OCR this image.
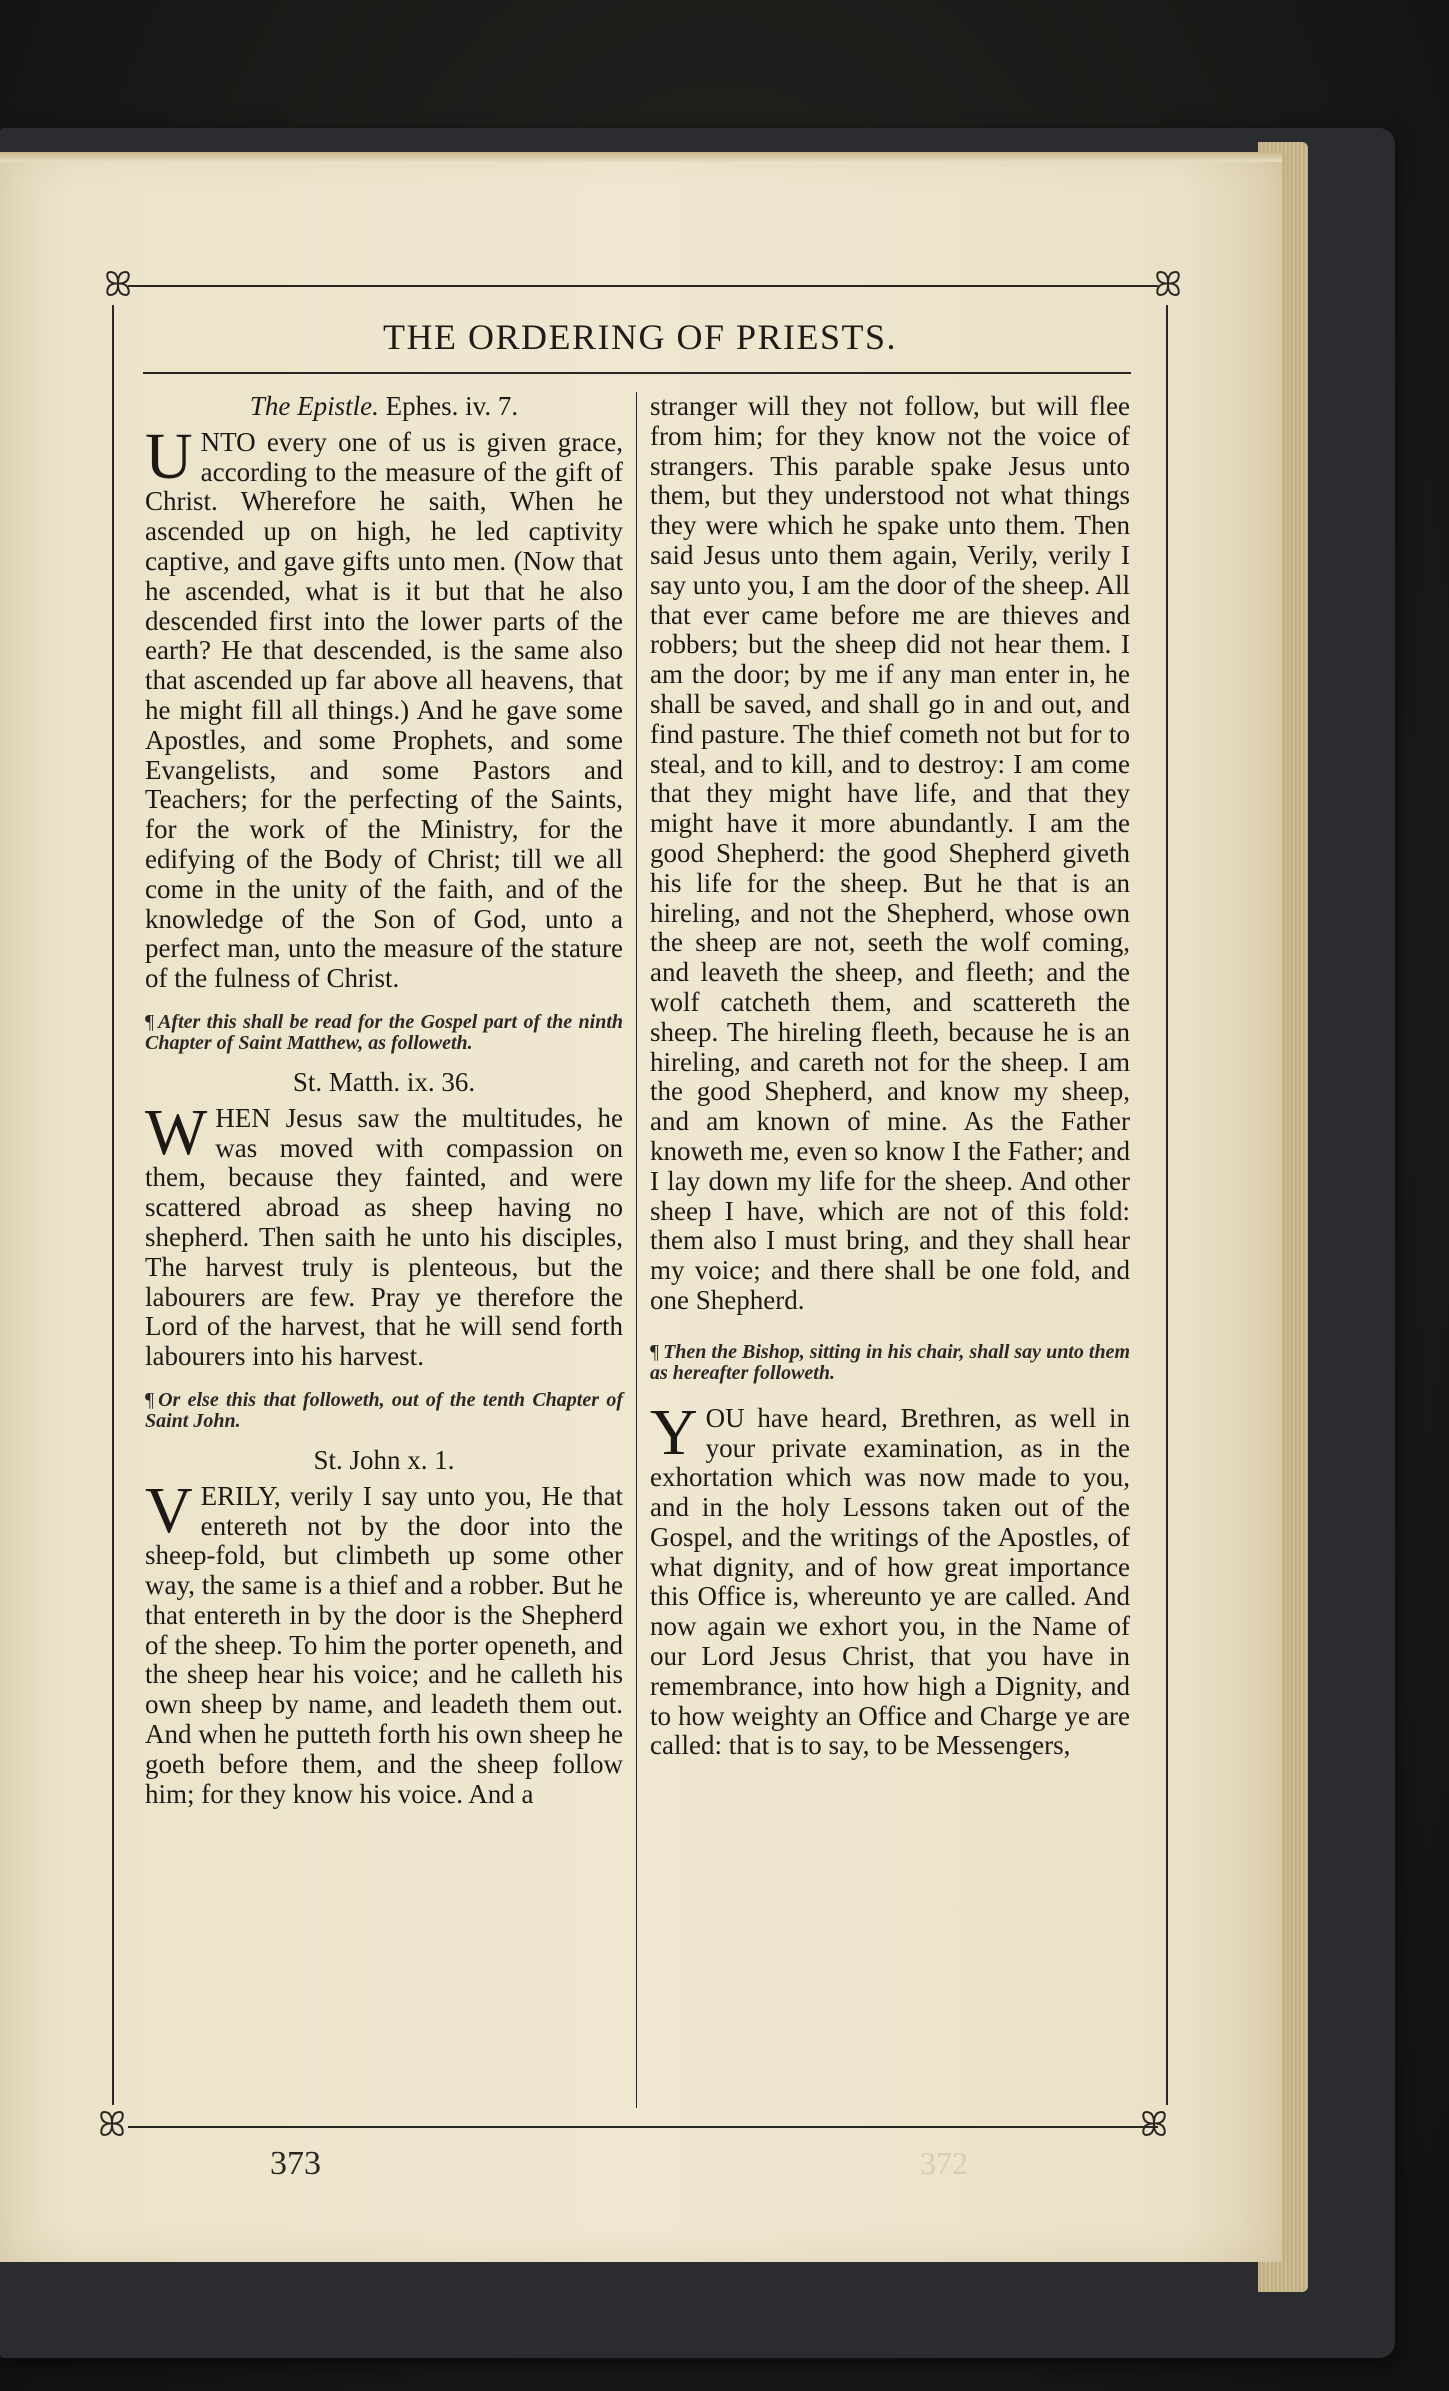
ꕤ	ꕤ
ꕤ	ꕤ
THE ORDERING OF PRIESTS.
The Epistle. Ephes. iv. 7.

UNTO every one of us is given grace, according to the measure of the gift of Christ. Wherefore he saith, When he ascended up on high, he led captivity captive, and gave gifts unto men. (Now that he ascended, what is it but that he also descended first into the lower parts of the earth? He that descended, is the same also that ascended up far above all heavens, that he might fill all things.) And he gave some Apostles, and some Prophets, and some Evangelists, and some Pastors and Teachers; for the perfecting of the Saints, for the work of the Ministry, for the edifying of the Body of Christ; till we all come in the unity of the faith, and of the knowledge of the Son of God, unto a perfect man, unto the measure of the stature of the fulness of Christ.

¶ After this shall be read for the Gospel part of the ninth Chapter of Saint Matthew, as followeth.
St. Matth. ix. 36.

WHEN Jesus saw the multitudes, he was moved with compassion on them, because they fainted, and were scattered abroad as sheep having no shepherd. Then saith he unto his disciples, The harvest truly is plenteous, but the labourers are few. Pray ye therefore the Lord of the harvest, that he will send forth labourers into his harvest.

¶ Or else this that followeth, out of the tenth Chapter of Saint John.
St. John x. 1.

VERILY, verily I say unto you, He that entereth not by the door into the sheep-fold, but climbeth up some other way, the same is a thief and a robber. But he that entereth in by the door is the Shepherd of the sheep. To him the porter openeth, and the sheep hear his voice; and he calleth his own sheep by name, and leadeth them out. And when he putteth forth his own sheep he goeth before them, and the sheep follow him; for they know his voice. And a

stranger will they not follow, but will flee from him; for they know not the voice of strangers. This parable spake Jesus unto them, but they understood not what things they were which he spake unto them. Then said Jesus unto them again, Verily, verily I say unto you, I am the door of the sheep. All that ever came before me are thieves and robbers; but the sheep did not hear them. I am the door; by me if any man enter in, he shall be saved, and shall go in and out, and find pasture. The thief cometh not but for to steal, and to kill, and to destroy: I am come that they might have life, and that they might have it more abundantly. I am the good Shepherd: the good Shepherd giveth his life for the sheep. But he that is an hireling, and not the Shepherd, whose own the sheep are not, seeth the wolf coming, and leaveth the sheep, and fleeth; and the wolf catcheth them, and scattereth the sheep. The hireling fleeth, because he is an hireling, and careth not for the sheep. I am the good Shepherd, and know my sheep, and am known of mine. As the Father knoweth me, even so know I the Father; and I lay down my life for the sheep. And other sheep I have, which are not of this fold: them also I must bring, and they shall hear my voice; and there shall be one fold, and one Shepherd.

¶ Then the Bishop, sitting in his chair, shall say unto them as hereafter followeth.

YOU have heard, Brethren, as well in your private examination, as in the exhortation which was now made to you, and in the holy Lessons taken out of the Gospel, and the writings of the Apostles, of what dignity, and of how great importance this Office is, whereunto ye are called. And now again we exhort you, in the Name of our Lord Jesus Christ, that you have in remembrance, into how high a Dignity, and to how weighty an Office and Charge ye are called: that is to say, to be Messengers,

373	372
